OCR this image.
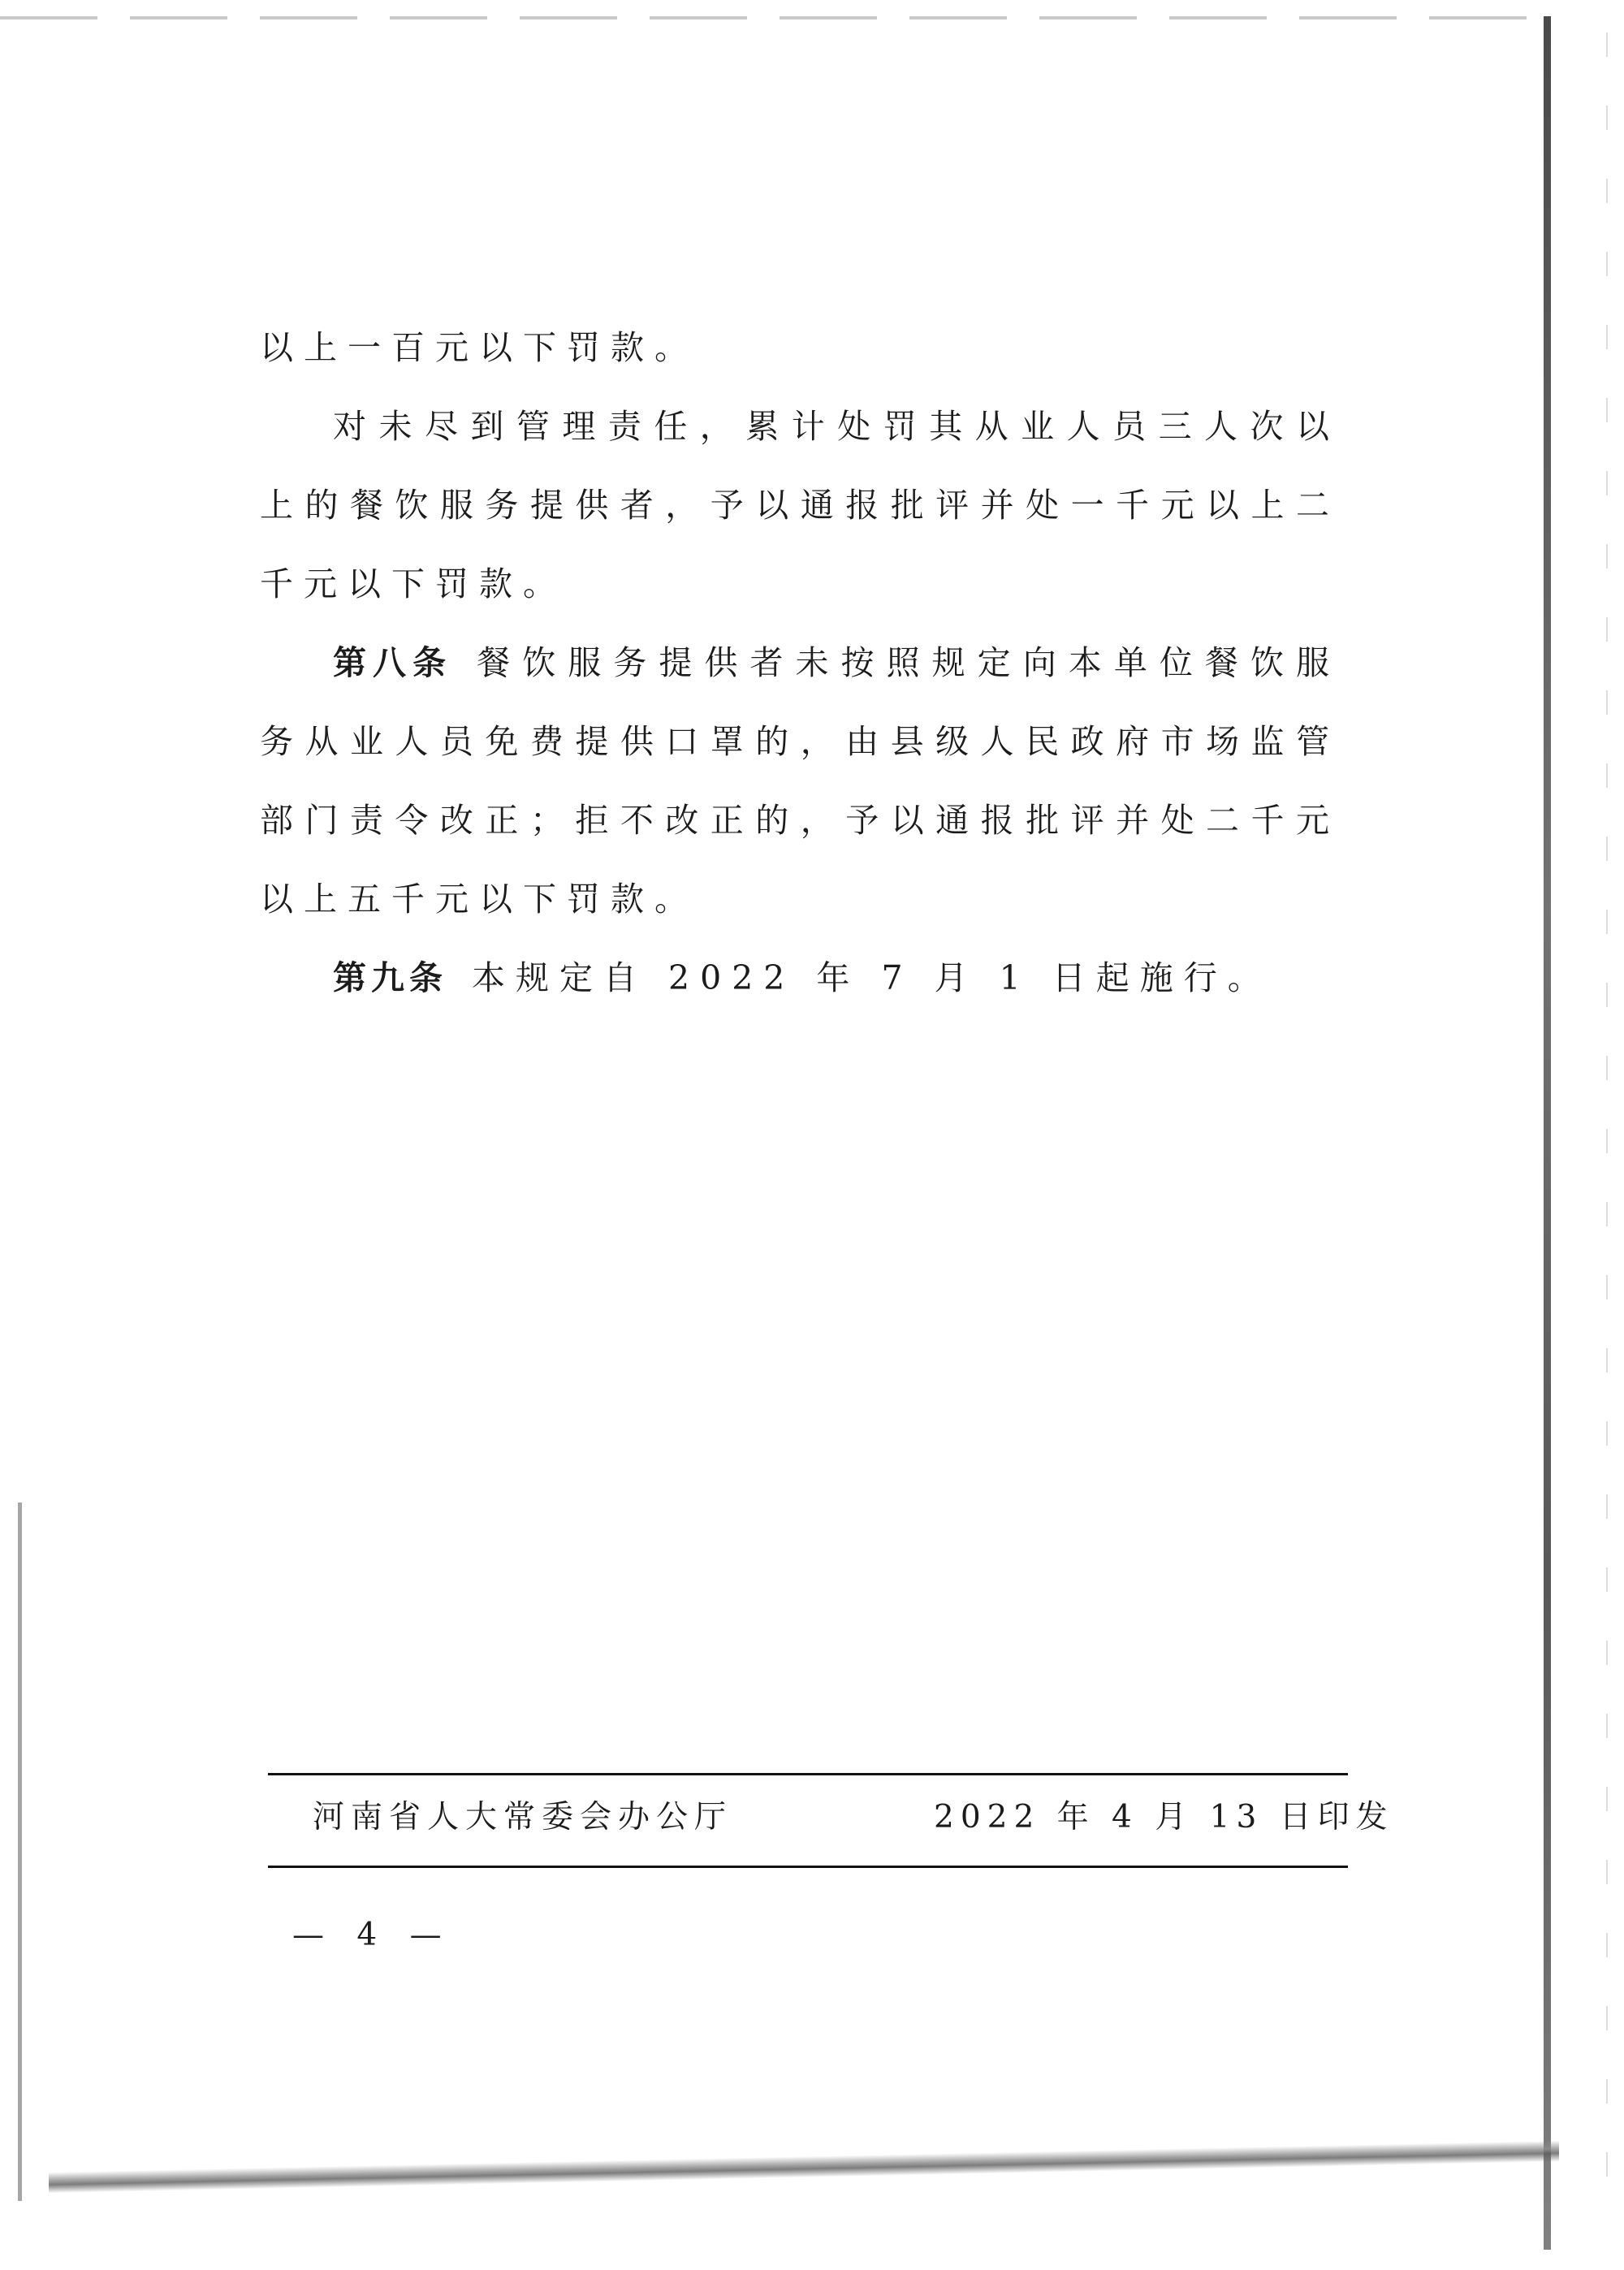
以上一百元以下罚款。

对未尽到管理责任，累计处罚其从业人员三人次以上的餐饮服务提供者，予以通报批评并处一千元以上二千元以下罚款。

第八条 餐饮服务提供者未按照规定向本单位餐饮服务从业人员免费提供口罩的，由县级人民政府市场监管部门责令改正；拒不改正的，予以通报批评并处二千元以上五千元以下罚款。

第九条 本规定自 2022 年 7 月 1 日起施行。

河南省人大常委会办公厅	2022 年 4 月 13 日印发
— 4 —
